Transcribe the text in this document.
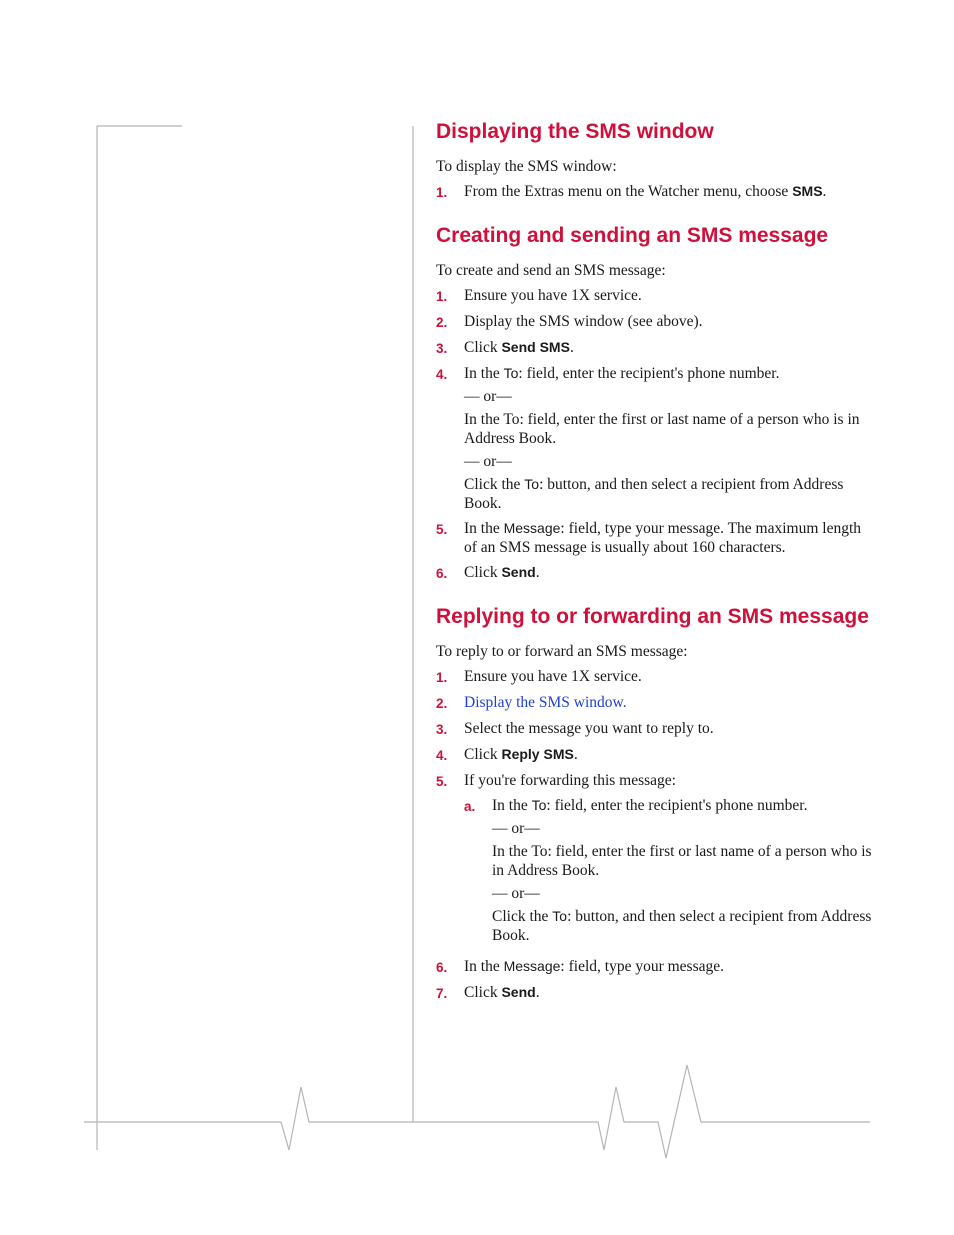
Displaying the SMS window

To display the SMS window:

1.	From the Extras menu on the Watcher menu, choose SMS.
Creating and sending an SMS message

To create and send an SMS message:

1.	Ensure you have 1X service.
2.	Display the SMS window (see above).
3.	Click Send SMS.
4.	In the To: field, enter the recipient's phone number.
— or—
In the To: field, enter the first or last name of a person who is in Address Book.
— or—
Click the To: button, and then select a recipient from Address Book.
5.	In the Message: field, type your message. The maximum length of an SMS message is usually about 160 characters.
6.	Click Send.
Replying to or forwarding an SMS message

To reply to or forward an SMS message:

1.	Ensure you have 1X service.
2.	Display the SMS window.
3.	Select the message you want to reply to.
4.	Click Reply SMS.
5.	If you're forwarding this message:
a.	In the To: field, enter the recipient's phone number.
— or—
In the To: field, enter the first or last name of a person who is in Address Book.
— or—
Click the To: button, and then select a recipient from Address Book.
6.	In the Message: field, type your message.
7.	Click Send.
